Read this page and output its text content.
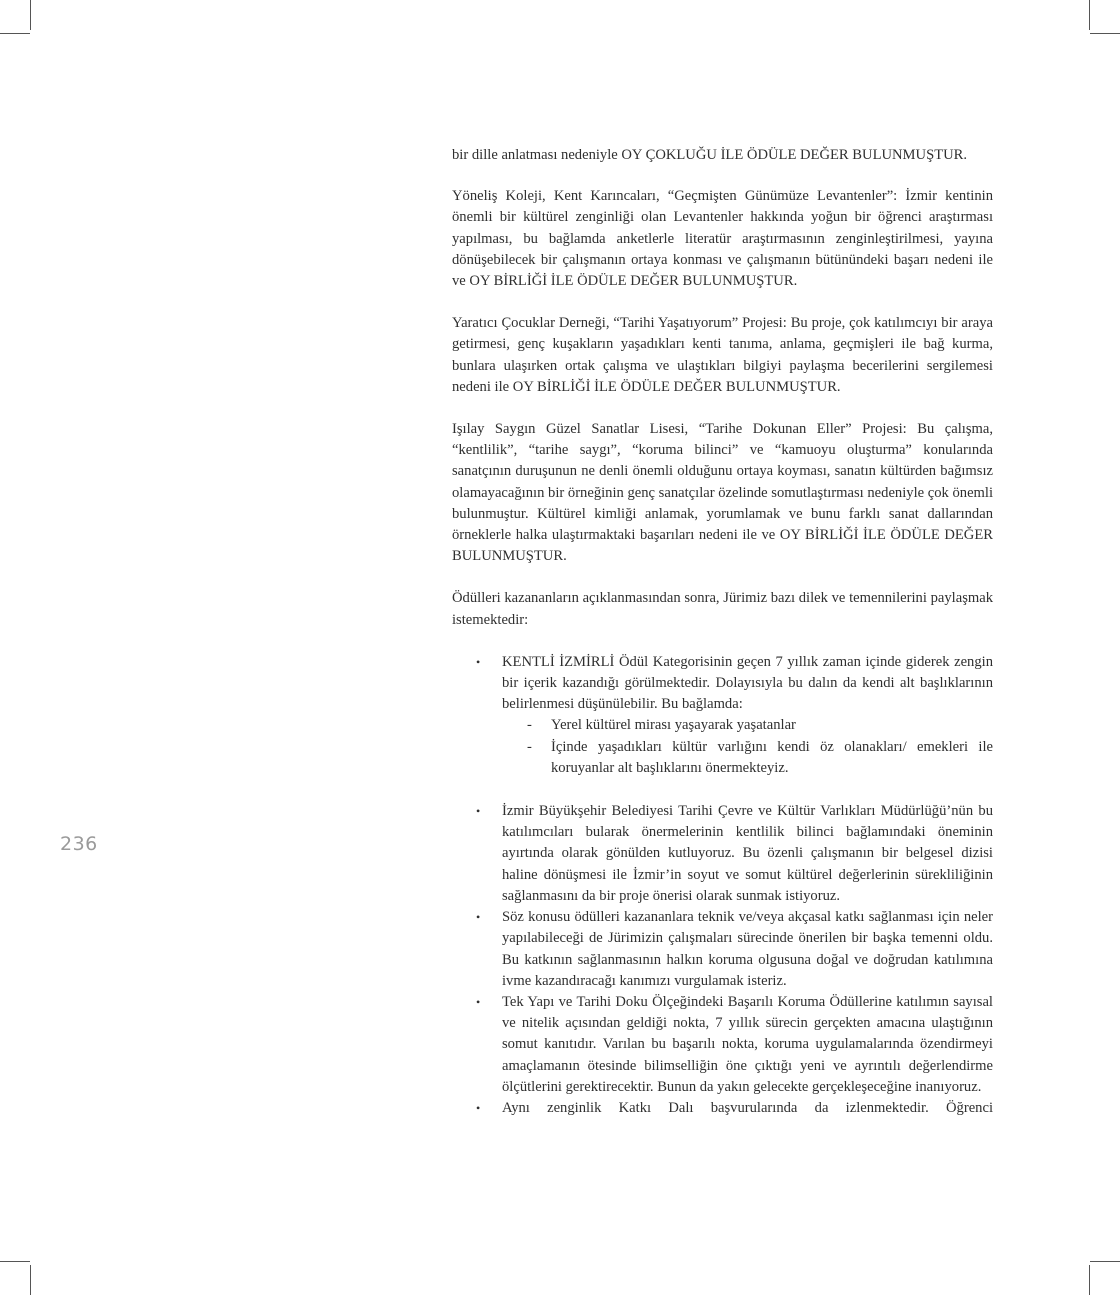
236

bir dille anlatması nedeniyle OY ÇOKLUĞU İLE ÖDÜLE DEĞER BULUNMUŞTUR.

Yöneliş Koleji, Kent Karıncaları, “Geçmişten Günümüze Levantenler”: İzmir kentinin önemli bir kültürel zenginliği olan Levantenler hakkında yoğun bir öğrenci araştırması yapılması, bu bağlamda anketlerle literatür araştırmasının zenginleştirilmesi, yayına dönüşebilecek bir çalışmanın ortaya konması ve çalışmanın bütünündeki başarı nedeni ile ve OY BİRLİĞİ İLE ÖDÜLE DEĞER BULUNMUŞTUR.

Yaratıcı Çocuklar Derneği, “Tarihi Yaşatıyorum” Projesi: Bu proje, çok katılımcıyı bir araya getirmesi, genç kuşakların yaşadıkları kenti tanıma, anlama, geçmişleri ile bağ kurma, bunlara ulaşırken ortak çalışma ve ulaştıkları bilgiyi paylaşma becerilerini sergilemesi nedeni ile OY BİRLİĞİ İLE ÖDÜLE DEĞER BULUNMUŞTUR.

Işılay Saygın Güzel Sanatlar Lisesi, “Tarihe Dokunan Eller” Projesi: Bu çalışma, “kentlilik”, “tarihe saygı”, “koruma bilinci” ve “kamuoyu oluşturma” konularında sanatçının duruşunun ne denli önemli olduğunu ortaya koyması, sanatın kültürden bağımsız olamayacağının bir örneğinin genç sanatçılar özelinde somutlaştırması nedeniyle çok önemli bulunmuştur. Kültürel kimliği anlamak, yorumlamak ve bunu farklı sanat dallarından örneklerle halka ulaştırmaktaki başarıları nedeni ile ve OY BİRLİĞİ İLE ÖDÜLE DEĞER BULUNMUŞTUR.

Ödülleri kazananların açıklanmasından sonra, Jürimiz bazı dilek ve temennilerini paylaşmak istemektedir:

• KENTLİ İZMİRLİ Ödül Kategorisinin geçen 7 yıllık zaman içinde giderek zengin bir içerik kazandığı görülmektedir. Dolayısıyla bu dalın da kendi alt başlıklarının belirlenmesi düşünülebilir. Bu bağlamda:
- Yerel kültürel mirası yaşayarak yaşatanlar
- İçinde yaşadıkları kültür varlığını kendi öz olanakları/ emekleri ile koruyanlar alt başlıklarını önermekteyiz.
• İzmir Büyükşehir Belediyesi Tarihi Çevre ve Kültür Varlıkları Müdürlüğü’nün bu katılımcıları bularak önermelerinin kentlilik bilinci bağlamındaki öneminin ayırtında olarak gönülden kutluyoruz. Bu özenli çalışmanın bir belgesel dizisi haline dönüşmesi ile İzmir’in soyut ve somut kültürel değerlerinin sürekliliğinin sağlanmasını da bir proje önerisi olarak sunmak istiyoruz.
• Söz konusu ödülleri kazananlara teknik ve/veya akçasal katkı sağlanması için neler yapılabileceği de Jürimizin çalışmaları sürecinde önerilen bir başka temenni oldu. Bu katkının sağlanmasının halkın koruma olgusuna doğal ve doğrudan katılımına ivme kazandıracağı kanımızı vurgulamak isteriz.
• Tek Yapı ve Tarihi Doku Ölçeğindeki Başarılı Koruma Ödüllerine katılımın sayısal ve nitelik açısından geldiği nokta, 7 yıllık sürecin gerçekten amacına ulaştığının somut kanıtıdır. Varılan bu başarılı nokta, koruma uygulamalarında özendirmeyi amaçlamanın ötesinde bilimselliğin öne çıktığı yeni ve ayrıntılı değerlendirme ölçütlerini gerektirecektir. Bunun da yakın gelecekte gerçekleşeceğine inanıyoruz.
• Aynı zenginlik Katkı Dalı başvurularında da izlenmektedir. Öğrenci
